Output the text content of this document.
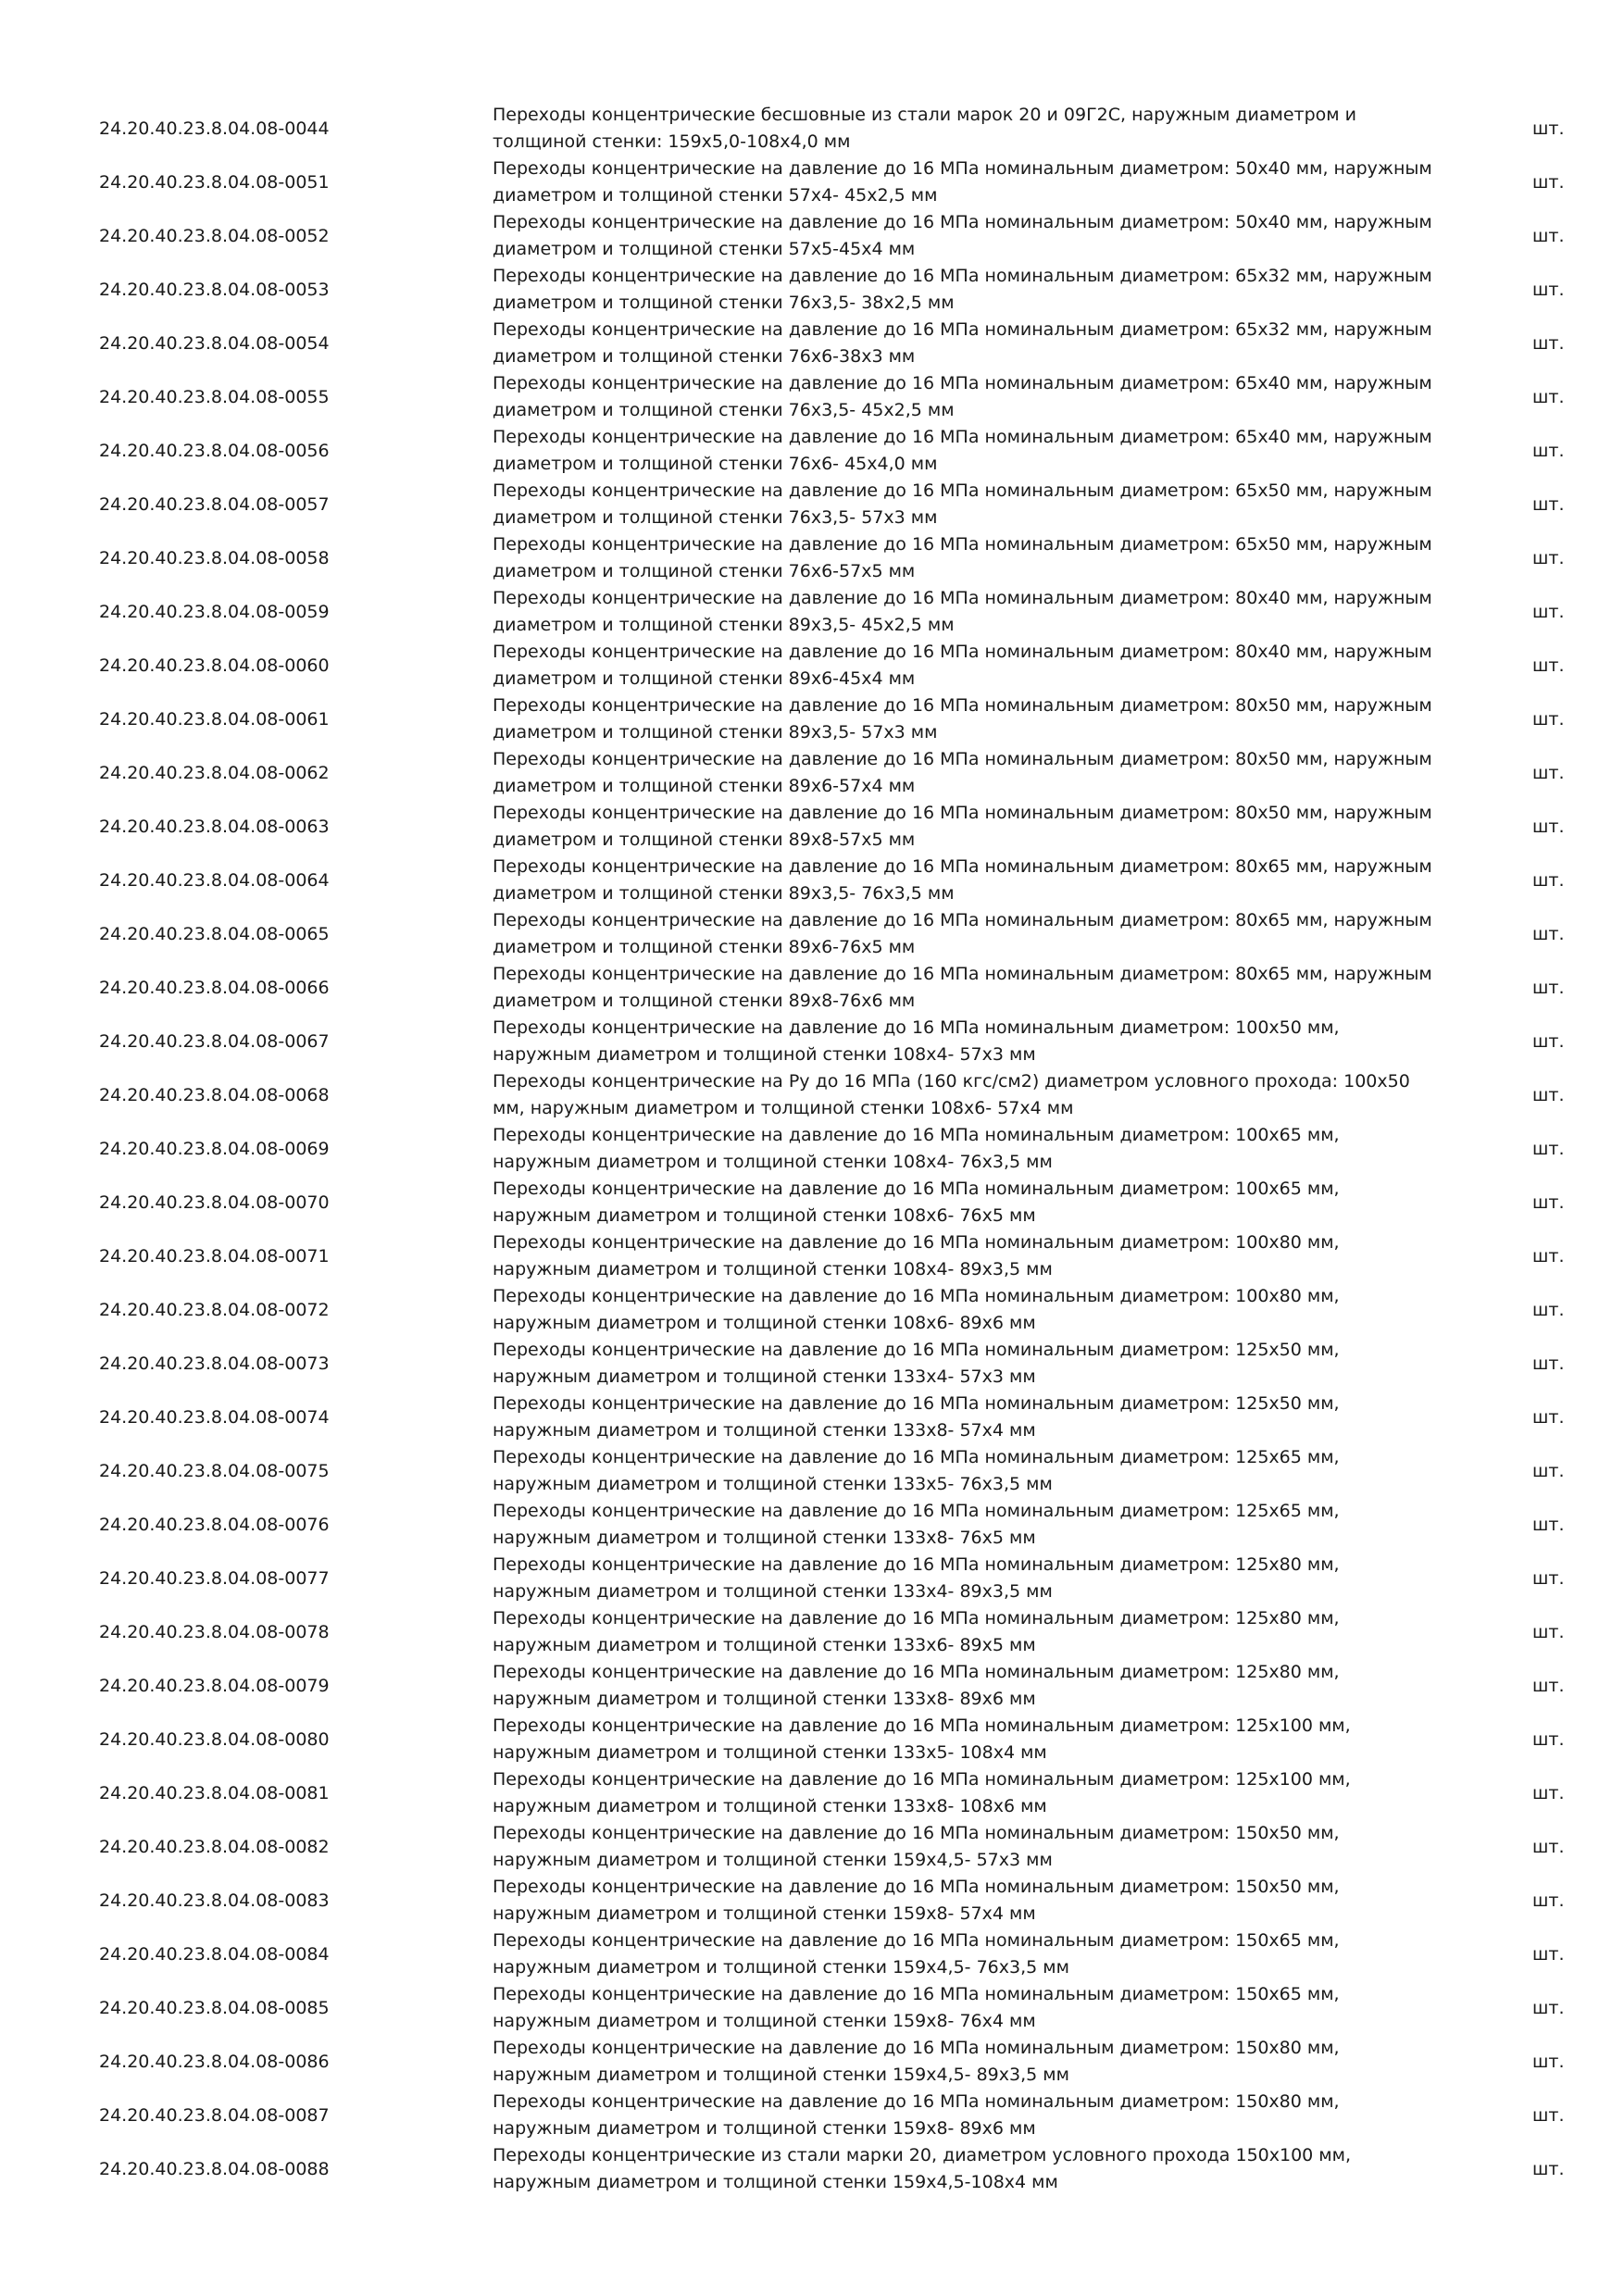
24.20.40.23.8.04.08-0044
Переходы концентрические бесшовные из стали марок 20 и 09Г2С, наружным диаметром и
толщиной стенки: 159x5,0-108x4,0 мм
шт.
24.20.40.23.8.04.08-0051
Переходы концентрические на давление до 16 МПа номинальным диаметром: 50x40 мм, наружным
диаметром и толщиной стенки 57x4- 45x2,5 мм
шт.
24.20.40.23.8.04.08-0052
Переходы концентрические на давление до 16 МПа номинальным диаметром: 50x40 мм, наружным
диаметром и толщиной стенки 57x5-45x4 мм
шт.
24.20.40.23.8.04.08-0053
Переходы концентрические на давление до 16 МПа номинальным диаметром: 65x32 мм, наружным
диаметром и толщиной стенки 76x3,5- 38x2,5 мм
шт.
24.20.40.23.8.04.08-0054
Переходы концентрические на давление до 16 МПа номинальным диаметром: 65x32 мм, наружным
диаметром и толщиной стенки 76x6-38x3 мм
шт.
24.20.40.23.8.04.08-0055
Переходы концентрические на давление до 16 МПа номинальным диаметром: 65x40 мм, наружным
диаметром и толщиной стенки 76x3,5- 45x2,5 мм
шт.
24.20.40.23.8.04.08-0056
Переходы концентрические на давление до 16 МПа номинальным диаметром: 65x40 мм, наружным
диаметром и толщиной стенки 76x6- 45x4,0 мм
шт.
24.20.40.23.8.04.08-0057
Переходы концентрические на давление до 16 МПа номинальным диаметром: 65x50 мм, наружным
диаметром и толщиной стенки 76x3,5- 57x3 мм
шт.
24.20.40.23.8.04.08-0058
Переходы концентрические на давление до 16 МПа номинальным диаметром: 65x50 мм, наружным
диаметром и толщиной стенки 76x6-57x5 мм
шт.
24.20.40.23.8.04.08-0059
Переходы концентрические на давление до 16 МПа номинальным диаметром: 80x40 мм, наружным
диаметром и толщиной стенки 89x3,5- 45x2,5 мм
шт.
24.20.40.23.8.04.08-0060
Переходы концентрические на давление до 16 МПа номинальным диаметром: 80x40 мм, наружным
диаметром и толщиной стенки 89x6-45x4 мм
шт.
24.20.40.23.8.04.08-0061
Переходы концентрические на давление до 16 МПа номинальным диаметром: 80x50 мм, наружным
диаметром и толщиной стенки 89x3,5- 57x3 мм
шт.
24.20.40.23.8.04.08-0062
Переходы концентрические на давление до 16 МПа номинальным диаметром: 80x50 мм, наружным
диаметром и толщиной стенки 89x6-57x4 мм
шт.
24.20.40.23.8.04.08-0063
Переходы концентрические на давление до 16 МПа номинальным диаметром: 80x50 мм, наружным
диаметром и толщиной стенки 89x8-57x5 мм
шт.
24.20.40.23.8.04.08-0064
Переходы концентрические на давление до 16 МПа номинальным диаметром: 80x65 мм, наружным
диаметром и толщиной стенки 89x3,5- 76x3,5 мм
шт.
24.20.40.23.8.04.08-0065
Переходы концентрические на давление до 16 МПа номинальным диаметром: 80x65 мм, наружным
диаметром и толщиной стенки 89x6-76x5 мм
шт.
24.20.40.23.8.04.08-0066
Переходы концентрические на давление до 16 МПа номинальным диаметром: 80x65 мм, наружным
диаметром и толщиной стенки 89x8-76x6 мм
шт.
24.20.40.23.8.04.08-0067
Переходы концентрические на давление до 16 МПа номинальным диаметром: 100x50 мм,
наружным диаметром и толщиной стенки 108x4- 57x3 мм
шт.
24.20.40.23.8.04.08-0068
Переходы концентрические на Ру до 16 МПа (160 кгс/см2) диаметром условного прохода: 100x50
мм, наружным диаметром и толщиной стенки 108x6- 57x4 мм
шт.
24.20.40.23.8.04.08-0069
Переходы концентрические на давление до 16 МПа номинальным диаметром: 100x65 мм,
наружным диаметром и толщиной стенки 108x4- 76x3,5 мм
шт.
24.20.40.23.8.04.08-0070
Переходы концентрические на давление до 16 МПа номинальным диаметром: 100x65 мм,
наружным диаметром и толщиной стенки 108x6- 76x5 мм
шт.
24.20.40.23.8.04.08-0071
Переходы концентрические на давление до 16 МПа номинальным диаметром: 100x80 мм,
наружным диаметром и толщиной стенки 108x4- 89x3,5 мм
шт.
24.20.40.23.8.04.08-0072
Переходы концентрические на давление до 16 МПа номинальным диаметром: 100x80 мм,
наружным диаметром и толщиной стенки 108x6- 89x6 мм
шт.
24.20.40.23.8.04.08-0073
Переходы концентрические на давление до 16 МПа номинальным диаметром: 125x50 мм,
наружным диаметром и толщиной стенки 133x4- 57x3 мм
шт.
24.20.40.23.8.04.08-0074
Переходы концентрические на давление до 16 МПа номинальным диаметром: 125x50 мм,
наружным диаметром и толщиной стенки 133x8- 57x4 мм
шт.
24.20.40.23.8.04.08-0075
Переходы концентрические на давление до 16 МПа номинальным диаметром: 125x65 мм,
наружным диаметром и толщиной стенки 133x5- 76x3,5 мм
шт.
24.20.40.23.8.04.08-0076
Переходы концентрические на давление до 16 МПа номинальным диаметром: 125x65 мм,
наружным диаметром и толщиной стенки 133x8- 76x5 мм
шт.
24.20.40.23.8.04.08-0077
Переходы концентрические на давление до 16 МПа номинальным диаметром: 125x80 мм,
наружным диаметром и толщиной стенки 133x4- 89x3,5 мм
шт.
24.20.40.23.8.04.08-0078
Переходы концентрические на давление до 16 МПа номинальным диаметром: 125x80 мм,
наружным диаметром и толщиной стенки 133x6- 89x5 мм
шт.
24.20.40.23.8.04.08-0079
Переходы концентрические на давление до 16 МПа номинальным диаметром: 125x80 мм,
наружным диаметром и толщиной стенки 133x8- 89x6 мм
шт.
24.20.40.23.8.04.08-0080
Переходы концентрические на давление до 16 МПа номинальным диаметром: 125x100 мм,
наружным диаметром и толщиной стенки 133x5- 108x4 мм
шт.
24.20.40.23.8.04.08-0081
Переходы концентрические на давление до 16 МПа номинальным диаметром: 125x100 мм,
наружным диаметром и толщиной стенки 133x8- 108x6 мм
шт.
24.20.40.23.8.04.08-0082
Переходы концентрические на давление до 16 МПа номинальным диаметром: 150x50 мм,
наружным диаметром и толщиной стенки 159x4,5- 57x3 мм
шт.
24.20.40.23.8.04.08-0083
Переходы концентрические на давление до 16 МПа номинальным диаметром: 150x50 мм,
наружным диаметром и толщиной стенки 159x8- 57x4 мм
шт.
24.20.40.23.8.04.08-0084
Переходы концентрические на давление до 16 МПа номинальным диаметром: 150x65 мм,
наружным диаметром и толщиной стенки 159x4,5- 76x3,5 мм
шт.
24.20.40.23.8.04.08-0085
Переходы концентрические на давление до 16 МПа номинальным диаметром: 150x65 мм,
наружным диаметром и толщиной стенки 159x8- 76x4 мм
шт.
24.20.40.23.8.04.08-0086
Переходы концентрические на давление до 16 МПа номинальным диаметром: 150x80 мм,
наружным диаметром и толщиной стенки 159x4,5- 89x3,5 мм
шт.
24.20.40.23.8.04.08-0087
Переходы концентрические на давление до 16 МПа номинальным диаметром: 150x80 мм,
наружным диаметром и толщиной стенки 159x8- 89x6 мм
шт.
24.20.40.23.8.04.08-0088
Переходы концентрические из стали марки 20, диаметром условного прохода 150x100 мм,
наружным диаметром и толщиной стенки 159x4,5-108x4 мм
шт.
